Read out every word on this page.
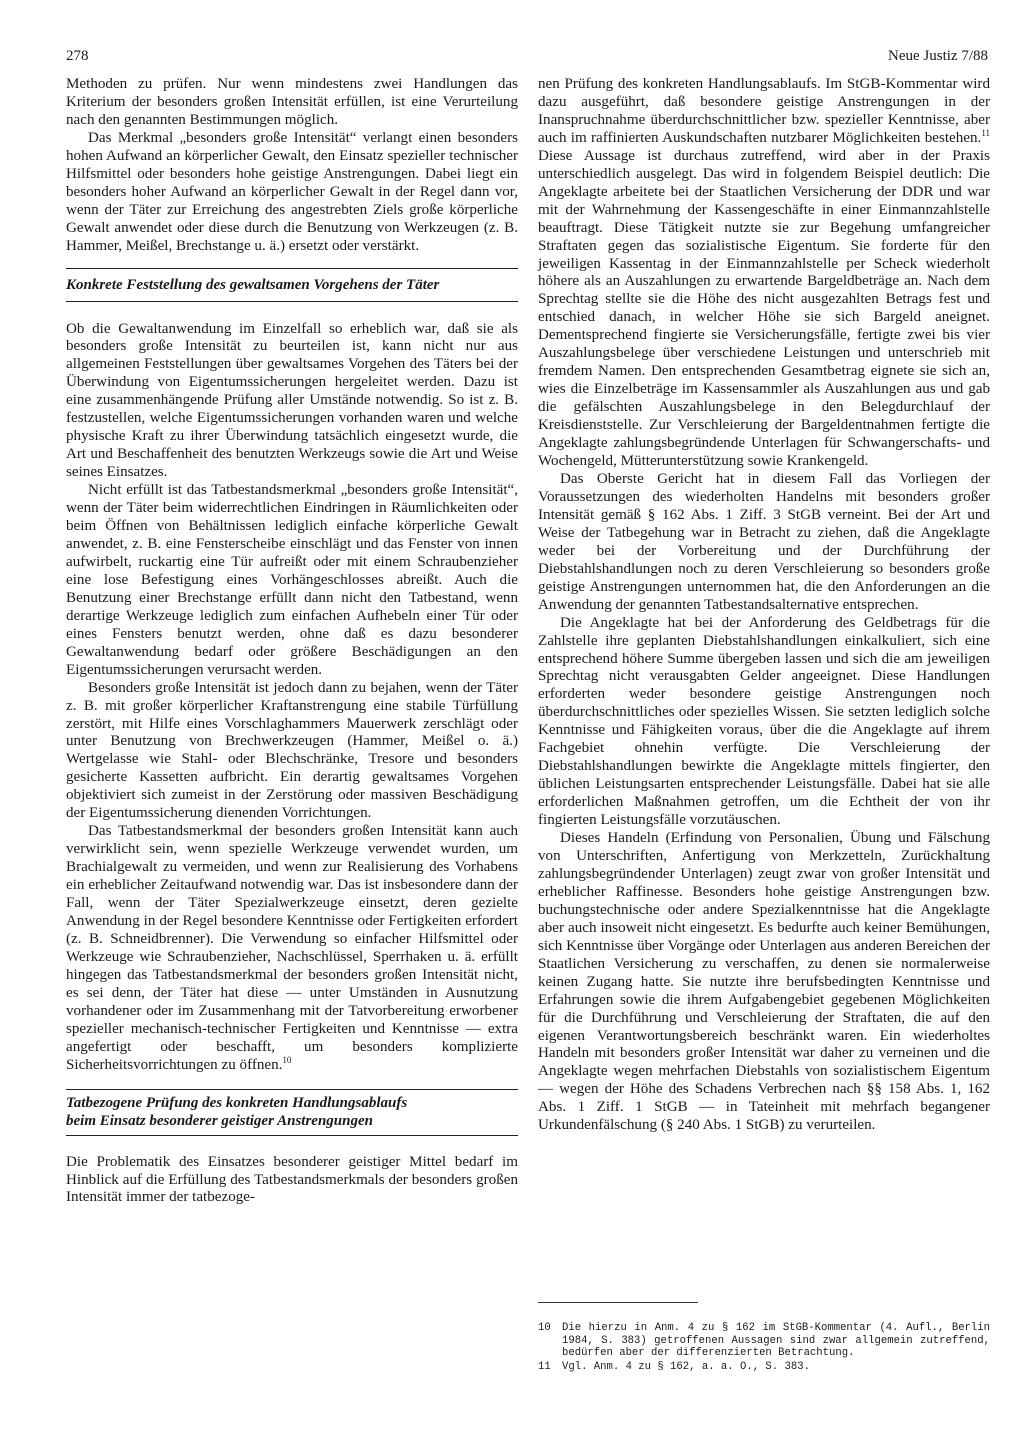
278	Neue Justiz 7/88

Methoden zu prüfen. Nur wenn mindestens zwei Handlungen das Kriterium der besonders großen Intensität erfüllen, ist eine Verurteilung nach den genannten Bestimmungen möglich.

Das Merkmal „besonders große Intensität“ verlangt einen besonders hohen Aufwand an körperlicher Gewalt, den Einsatz spezieller technischer Hilfsmittel oder besonders hohe geistige Anstrengungen. Dabei liegt ein besonders hoher Aufwand an körperlicher Gewalt in der Regel dann vor, wenn der Täter zur Erreichung des angestrebten Ziels große körperliche Gewalt anwendet oder diese durch die Benutzung von Werkzeugen (z. B. Hammer, Meißel, Brechstange u. ä.) ersetzt oder verstärkt.

Konkrete Feststellung des gewaltsamen Vorgehens der Täter

Ob die Gewaltanwendung im Einzelfall so erheblich war, daß sie als besonders große Intensität zu beurteilen ist, kann nicht nur aus allgemeinen Feststellungen über gewaltsames Vorgehen des Täters bei der Überwindung von Eigentumssicherungen hergeleitet werden. Dazu ist eine zusammenhängende Prüfung aller Umstände notwendig. So ist z. B. festzustellen, welche Eigentumssicherungen vorhanden waren und welche physische Kraft zu ihrer Überwindung tatsächlich eingesetzt wurde, die Art und Beschaffenheit des benutzten Werkzeugs sowie die Art und Weise seines Einsatzes.

Nicht erfüllt ist das Tatbestandsmerkmal „besonders große Intensität“, wenn der Täter beim widerrechtlichen Eindringen in Räumlichkeiten oder beim Öffnen von Behältnissen lediglich einfache körperliche Gewalt anwendet, z. B. eine Fensterscheibe einschlägt und das Fenster von innen aufwirbelt, ruckartig eine Tür aufreißt oder mit einem Schraubenzieher eine lose Befestigung eines Vorhängeschlosses abreißt. Auch die Benutzung einer Brechstange erfüllt dann nicht den Tatbestand, wenn derartige Werkzeuge lediglich zum einfachen Aufhebeln einer Tür oder eines Fensters benutzt werden, ohne daß es dazu besonderer Gewaltanwendung bedarf oder größere Beschädigungen an den Eigentumssicherungen verursacht werden.

Besonders große Intensität ist jedoch dann zu bejahen, wenn der Täter z. B. mit großer körperlicher Kraftanstrengung eine stabile Türfüllung zerstört, mit Hilfe eines Vorschlaghammers Mauerwerk zerschlägt oder unter Benutzung von Brechwerkzeugen (Hammer, Meißel o. ä.) Wertgelasse wie Stahl- oder Blechschränke, Tresore und besonders gesicherte Kassetten aufbricht. Ein derartig gewaltsames Vorgehen objektiviert sich zumeist in der Zerstörung oder massiven Beschädigung der Eigentumssicherung dienenden Vorrichtungen.

Das Tatbestandsmerkmal der besonders großen Intensität kann auch verwirklicht sein, wenn spezielle Werkzeuge verwendet wurden, um Brachialgewalt zu vermeiden, und wenn zur Realisierung des Vorhabens ein erheblicher Zeitaufwand notwendig war. Das ist insbesondere dann der Fall, wenn der Täter Spezialwerkzeuge einsetzt, deren gezielte Anwendung in der Regel besondere Kenntnisse oder Fertigkeiten erfordert (z. B. Schneidbrenner). Die Verwendung so einfacher Hilfsmittel oder Werkzeuge wie Schraubenzieher, Nachschlüssel, Sperrhaken u. ä. erfüllt hingegen das Tatbestandsmerkmal der besonders großen Intensität nicht, es sei denn, der Täter hat diese — unter Umständen in Ausnutzung vorhandener oder im Zusammenhang mit der Tatvorbereitung erworbener spezieller mechanisch-technischer Fertigkeiten und Kenntnisse — extra angefertigt oder beschafft, um besonders komplizierte Sicherheitsvorrichtungen zu öffnen.$^{10}$

Tatbezogene Prüfung des konkreten Handlungsablaufs
beim Einsatz besonderer geistiger Anstrengungen

Die Problematik des Einsatzes besonderer geistiger Mittel bedarf im Hinblick auf die Erfüllung des Tatbestandsmerkmals der besonders großen Intensität immer der tatbezoge-

nen Prüfung des konkreten Handlungsablaufs. Im StGB-Kommentar wird dazu ausgeführt, daß besondere geistige Anstrengungen in der Inanspruchnahme überdurchschnittlicher bzw. spezieller Kenntnisse, aber auch im raffinierten Auskundschaften nutzbarer Möglichkeiten bestehen.$^{11}$ Diese Aussage ist durchaus zutreffend, wird aber in der Praxis unterschiedlich ausgelegt. Das wird in folgendem Beispiel deutlich: Die Angeklagte arbeitete bei der Staatlichen Versicherung der DDR und war mit der Wahrnehmung der Kassengeschäfte in einer Einmannzahlstelle beauftragt. Diese Tätigkeit nutzte sie zur Begehung umfangreicher Straftaten gegen das sozialistische Eigentum. Sie forderte für den jeweiligen Kassentag in der Einmannzahlstelle per Scheck wiederholt höhere als an Auszahlungen zu erwartende Bargeldbeträge an. Nach dem Sprechtag stellte sie die Höhe des nicht ausgezahlten Betrags fest und entschied danach, in welcher Höhe sie sich Bargeld aneignet. Dementsprechend fingierte sie Versicherungsfälle, fertigte zwei bis vier Auszahlungsbelege über verschiedene Leistungen und unterschrieb mit fremdem Namen. Den entsprechenden Gesamtbetrag eignete sie sich an, wies die Einzelbeträge im Kassensammler als Auszahlungen aus und gab die gefälschten Auszahlungsbelege in den Belegdurchlauf der Kreisdienststelle. Zur Verschleierung der Bargeldentnahmen fertigte die Angeklagte zahlungsbegründende Unterlagen für Schwangerschafts- und Wochengeld, Mütterunterstützung sowie Krankengeld.

Das Oberste Gericht hat in diesem Fall das Vorliegen der Voraussetzungen des wiederholten Handelns mit besonders großer Intensität gemäß § 162 Abs. 1 Ziff. 3 StGB verneint. Bei der Art und Weise der Tatbegehung war in Betracht zu ziehen, daß die Angeklagte weder bei der Vorbereitung und der Durchführung der Diebstahlshandlungen noch zu deren Verschleierung so besonders große geistige Anstrengungen unternommen hat, die den Anforderungen an die Anwendung der genannten Tatbestandsalternative entsprechen.

Die Angeklagte hat bei der Anforderung des Geldbetrags für die Zahlstelle ihre geplanten Diebstahlshandlungen einkalkuliert, sich eine entsprechend höhere Summe übergeben lassen und sich die am jeweiligen Sprechtag nicht verausgabten Gelder angeeignet. Diese Handlungen erforderten weder besondere geistige Anstrengungen noch überdurchschnittliches oder spezielles Wissen. Sie setzten lediglich solche Kenntnisse und Fähigkeiten voraus, über die die Angeklagte auf ihrem Fachgebiet ohnehin verfügte. Die Verschleierung der Diebstahlshandlungen bewirkte die Angeklagte mittels fingierter, den üblichen Leistungsarten entsprechender Leistungsfälle. Dabei hat sie alle erforderlichen Maßnahmen getroffen, um die Echtheit der von ihr fingierten Leistungsfälle vorzutäuschen.

Dieses Handeln (Erfindung von Personalien, Übung und Fälschung von Unterschriften, Anfertigung von Merkzetteln, Zurückhaltung zahlungsbegründender Unterlagen) zeugt zwar von großer Intensität und erheblicher Raffinesse. Besonders hohe geistige Anstrengungen bzw. buchungstechnische oder andere Spezialkenntnisse hat die Angeklagte aber auch insoweit nicht eingesetzt. Es bedurfte auch keiner Bemühungen, sich Kenntnisse über Vorgänge oder Unterlagen aus anderen Bereichen der Staatlichen Versicherung zu verschaffen, zu denen sie normalerweise keinen Zugang hatte. Sie nutzte ihre berufsbedingten Kenntnisse und Erfahrungen sowie die ihrem Aufgabengebiet gegebenen Möglichkeiten für die Durchführung und Verschleierung der Straftaten, die auf den eigenen Verantwortungsbereich beschränkt waren. Ein wiederholtes Handeln mit besonders großer Intensität war daher zu verneinen und die Angeklagte wegen mehrfachen Diebstahls von sozialistischem Eigentum — wegen der Höhe des Schadens Verbrechen nach §§ 158 Abs. 1, 162 Abs. 1 Ziff. 1 StGB — in Tateinheit mit mehrfach begangener Urkundenfälschung (§ 240 Abs. 1 StGB) zu verurteilen.

10	Die hierzu in Anm. 4 zu § 162 im StGB-Kommentar (4. Aufl., Berlin 1984, S. 383) getroffenen Aussagen sind zwar allgemein zutreffend, bedürfen aber der differenzierten Betrachtung.
11	Vgl. Anm. 4 zu § 162, a. a. O., S. 383.
